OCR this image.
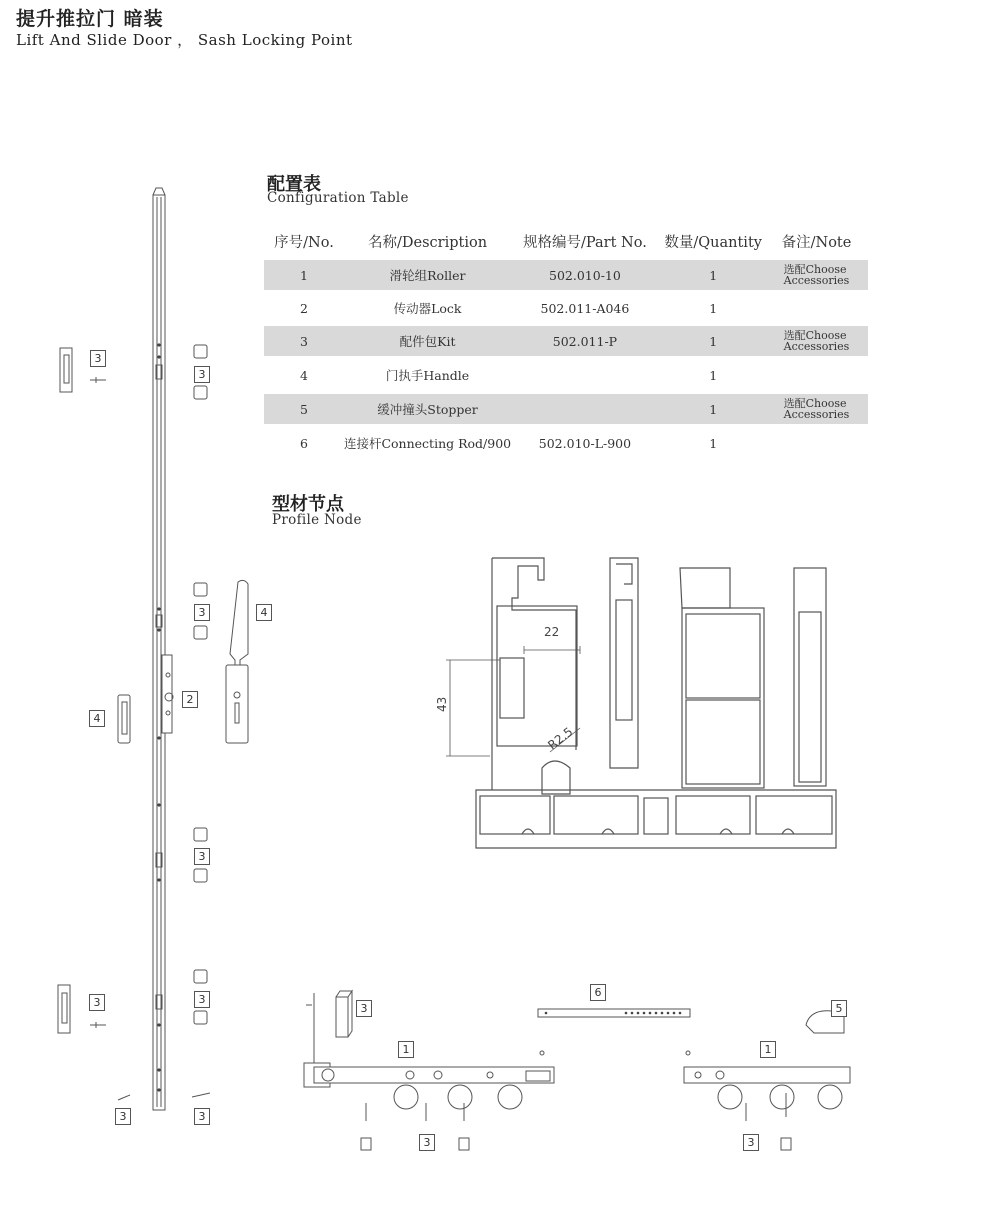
提升推拉门 暗装
Lift And Slide Door ， Sash Locking Point
配置表
Configuration Table
序号/No.	名称/Description	规格编号/Part No.	数量/Quantity	备注/Note

1	滑轮组Roller	502.010-10	1	选配Choose
Accessories
2	传动器Lock	502.011-A046	1	
3	配件包Kit	502.011-P	1	选配Choose
Accessories
4	门执手Handle		1	
5	缓冲撞头Stopper		1	选配Choose
Accessories
6	连接杆Connecting Rod/900	502.010-L-900	1	
型材节点
Profile Node
3
3
3	4
2
4
3
3
3
3	3
22
43
R2.5
3
6
5
1	1
3	3
